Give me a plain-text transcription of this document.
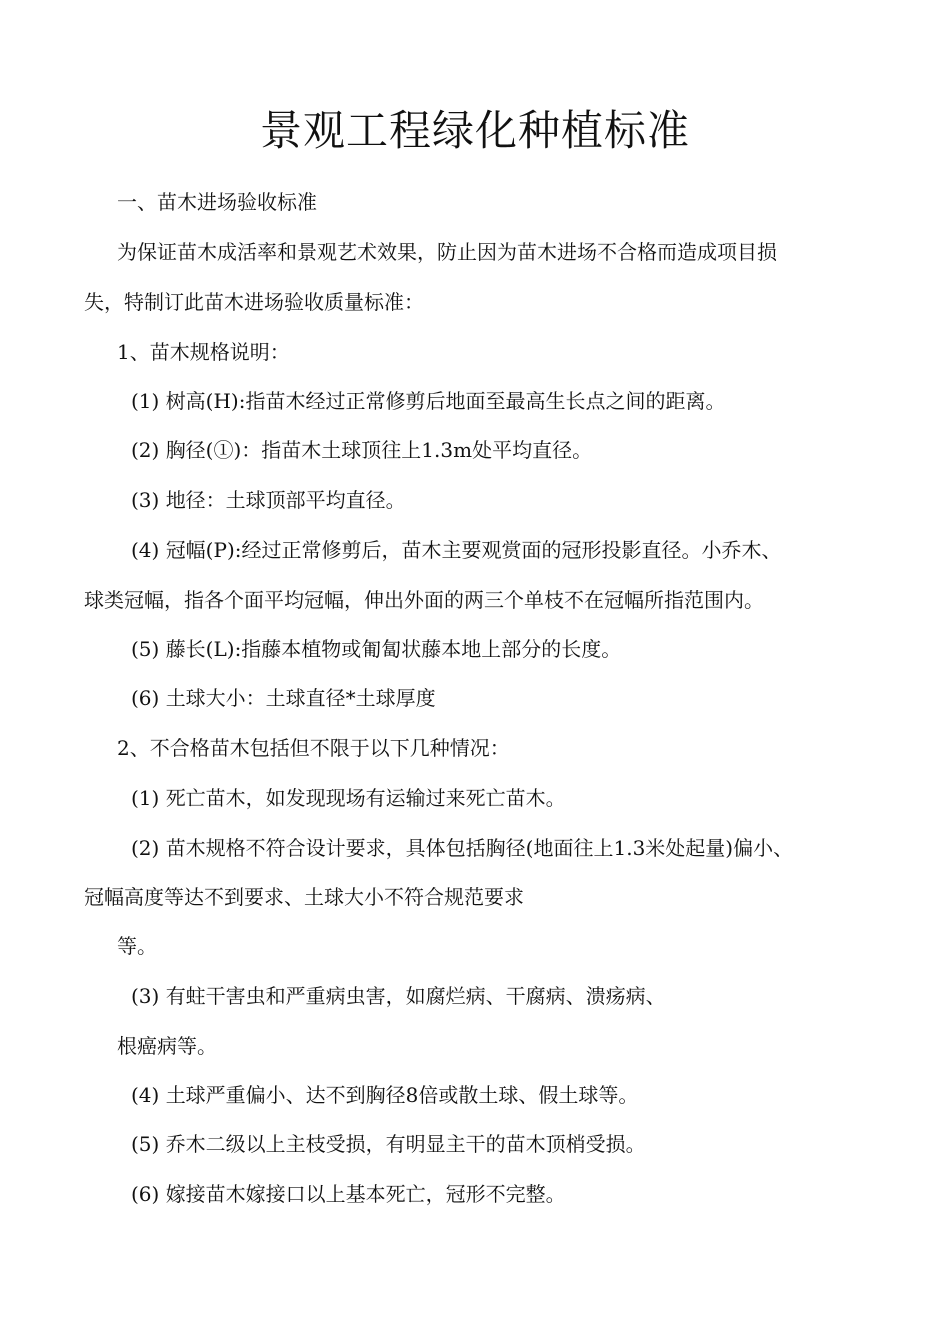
景观工程绿化种植标准

一、苗木进场验收标准

为保证苗木成活率和景观艺术效果，防止因为苗木进场不合格而造成项目损

失，特制订此苗木进场验收质量标准：

1、苗木规格说明：

(1) 树高(H):指苗木经过正常修剪后地面至最高生长点之间的距离。

(2) 胸径(①)：指苗木土球顶往上1.3m处平均直径。

(3) 地径：土球顶部平均直径。

(4) 冠幅(P):经过正常修剪后，苗木主要观赏面的冠形投影直径。小乔木、

球类冠幅，指各个面平均冠幅，伸出外面的两三个单枝不在冠幅所指范围内。

(5) 藤长(L):指藤本植物或匍匐状藤本地上部分的长度。

(6) 土球大小：土球直径*土球厚度

2、不合格苗木包括但不限于以下几种情况：

(1) 死亡苗木，如发现现场有运输过来死亡苗木。

(2) 苗木规格不符合设计要求，具体包括胸径(地面往上1.3米处起量)偏小、

冠幅高度等达不到要求、土球大小不符合规范要求

等。

(3) 有蛀干害虫和严重病虫害，如腐烂病、干腐病、溃疡病、

根癌病等。

(4) 土球严重偏小、达不到胸径8倍或散土球、假土球等。

(5) 乔木二级以上主枝受损，有明显主干的苗木顶梢受损。

(6) 嫁接苗木嫁接口以上基本死亡，冠形不完整。
